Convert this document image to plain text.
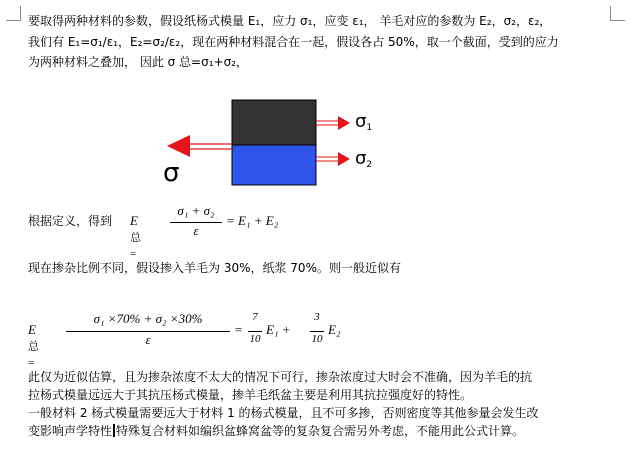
要取得两种材料的参数，假设纸杨式模量 E₁，应力 σ₁，应变 ε₁， 羊毛对应的参数为 E₂，σ₂，ε₂，
我们有 E₁=σ₁/ε₁，E₂=σ₂/ε₂，现在两种材料混合在一起，假设各占 50%，取一个截面，受到的应力
为两种材料之叠加， 因此 σ 总=σ₁+σ₂，
σ
$\sigma_1$
$\sigma_2$
根据定义，得到 E总=
σ₁ + σ₂
ε
= E₁ + E₂
现在掺杂比例不同，假设掺入羊毛为 30%，纸浆 70%。则一般近似有
E总=
σ₁ ×70% + σ₂ ×30%
ε
=
7
10
E₁ +
3
10
E₂
此仅为近似估算，且为掺杂浓度不太大的情况下可行，掺杂浓度过大时会不准确，因为羊毛的抗
拉杨式模量远远大于其抗压杨式模量，掺羊毛纸盆主要是利用其抗拉强度好的特性。
一般材料 2 杨式模量需要远大于材料 1 的杨式模量，且不可多掺，否则密度等其他参量会发生改
变影响声学特性 特殊复合材料如编织盆蜂窝盆等的复杂复合需另外考虑，不能用此公式计算。
